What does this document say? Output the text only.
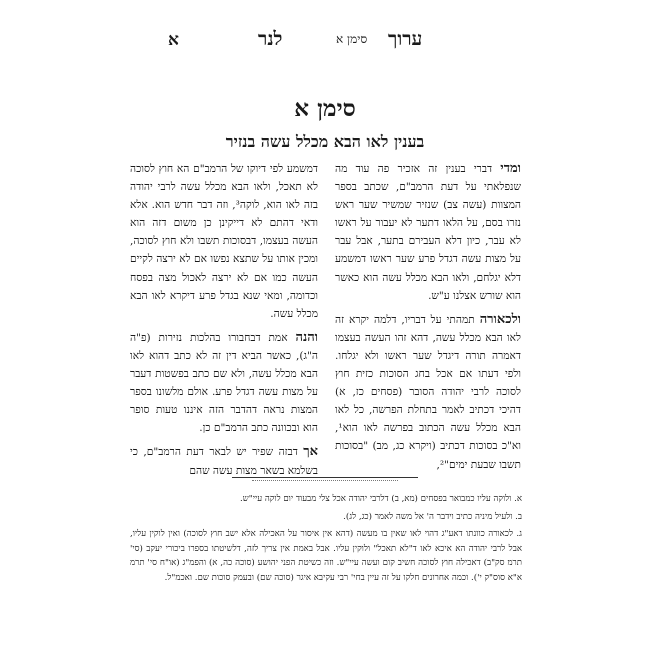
ערוך
סימן א
לנר
א
סימן א
בענין לאו הבא מכלל עשה בנזיר

ומדי דברי בענין זה אזכיר פה עוד מה שנפלאתי על דעת הרמב"ם, שכתב בספר המצוות (עשה צב) שנזיר שמשיר שער ראש נזרו בסם, על הלאו דתער לא יעבור על ראשו לא עבר, כיון דלא העבירם בתער, אבל עבר על מצות עשה דגדל פרע שער ראשו דמשמע דלא יגלחם, ולאו הבא מכלל עשה הוא כאשר הוא שורש אצלנו ע"ש.

ולכאורה תמהתי על דבריו, דלמה יקרא זה לאו הבא מכלל עשה, דהא זהו העשה בעצמו דאמרה תורה דיגדל שער ראשו ולא יגלחו. ולפי דעתו אם אכל בחג הסוכות כזית חוץ לסוכה לרבי יהודה הסובר (פסחים כז, א) דהיכי דכתיב לאמר בתחלת הפרשה, כל לאו הבא מכלל עשה הכתוב בפרשה לאו הוא¹, וא"כ בסוכות דכתיב (ויקרא כג, מב) "בסוכות תשבו שבעת ימים"²,

דמשמע לפי דיוקו של הרמב"ם הא חוץ לסוכה לא תאכל, ולאו הבא מכלל עשה לרבי יהודה בזה לאו הוא, לוקה³, וזה דבר חדש הוא. אלא ודאי דהתם לא דייקינן כן משום דזה הוא העשה בעצמו, דבסוכות תשבו ולא חוץ לסוכה, ומכין אותו על שתצא נפשו אם לא ירצה לקיים העשה כמו אם לא ירצה לאכול מצה בפסח וכדומה, ומאי שנא בגדל פרע דיקרא לאו הבא מכלל עשה.

והנה אמת דבחבורו בהלכות נזירות (פ"ה ה"ג), כאשר הביא דין זה לא כתב דהוא לאו הבא מכלל עשה, ולא שם כתב בפשטות דעבר על מצות עשה דגדל פרע. אולם מלשונו בספר המצות נראה דהדבר הזה איננו טעות סופר הוא ובכוונה כתב הרמב"ם כן.

אך דבזה שפיר יש לבאר דעת הרמב"ם, כי בשלמא בשאר מצות עשה שהם

א. ולוקה עליו כמבואר בפסחים (מא, ב) דלרבי יהודה אכל צלי מבעוד יום לוקה עיי"ש.

ב. ולעיל מיניה כתיב וידבר ה' אל משה לאמר (כג, לג).

ג. לכאורה כוונתו דאע"ג דהוי לאו שאין בו מעשה (דהא אין איסור על האכילה אלא ישב חוץ לסוכה) ואין לוקין עליו, אבל לרבי יהודה הא איכא לאו ד"לא תאכל" ולוקין עליו. אבל באמת אין צריך לזה, דלשיטתו בספרו ביכורי יעקב (סי' תרמ סק"ב) דאכילה חוץ לסוכה חשיב קום ועשה עיי"ש. וזה כשיטת הפני יהושע (סוכה כה, א) והפמ"ג (או"ח סי' תרמ א"א סוס"ק י'). וכמה אחרונים חלקו על זה עיין בחי' רבי עקיבא איגר (סוכה שם) ובעמק סוכות שם. ואכמ"ל.
